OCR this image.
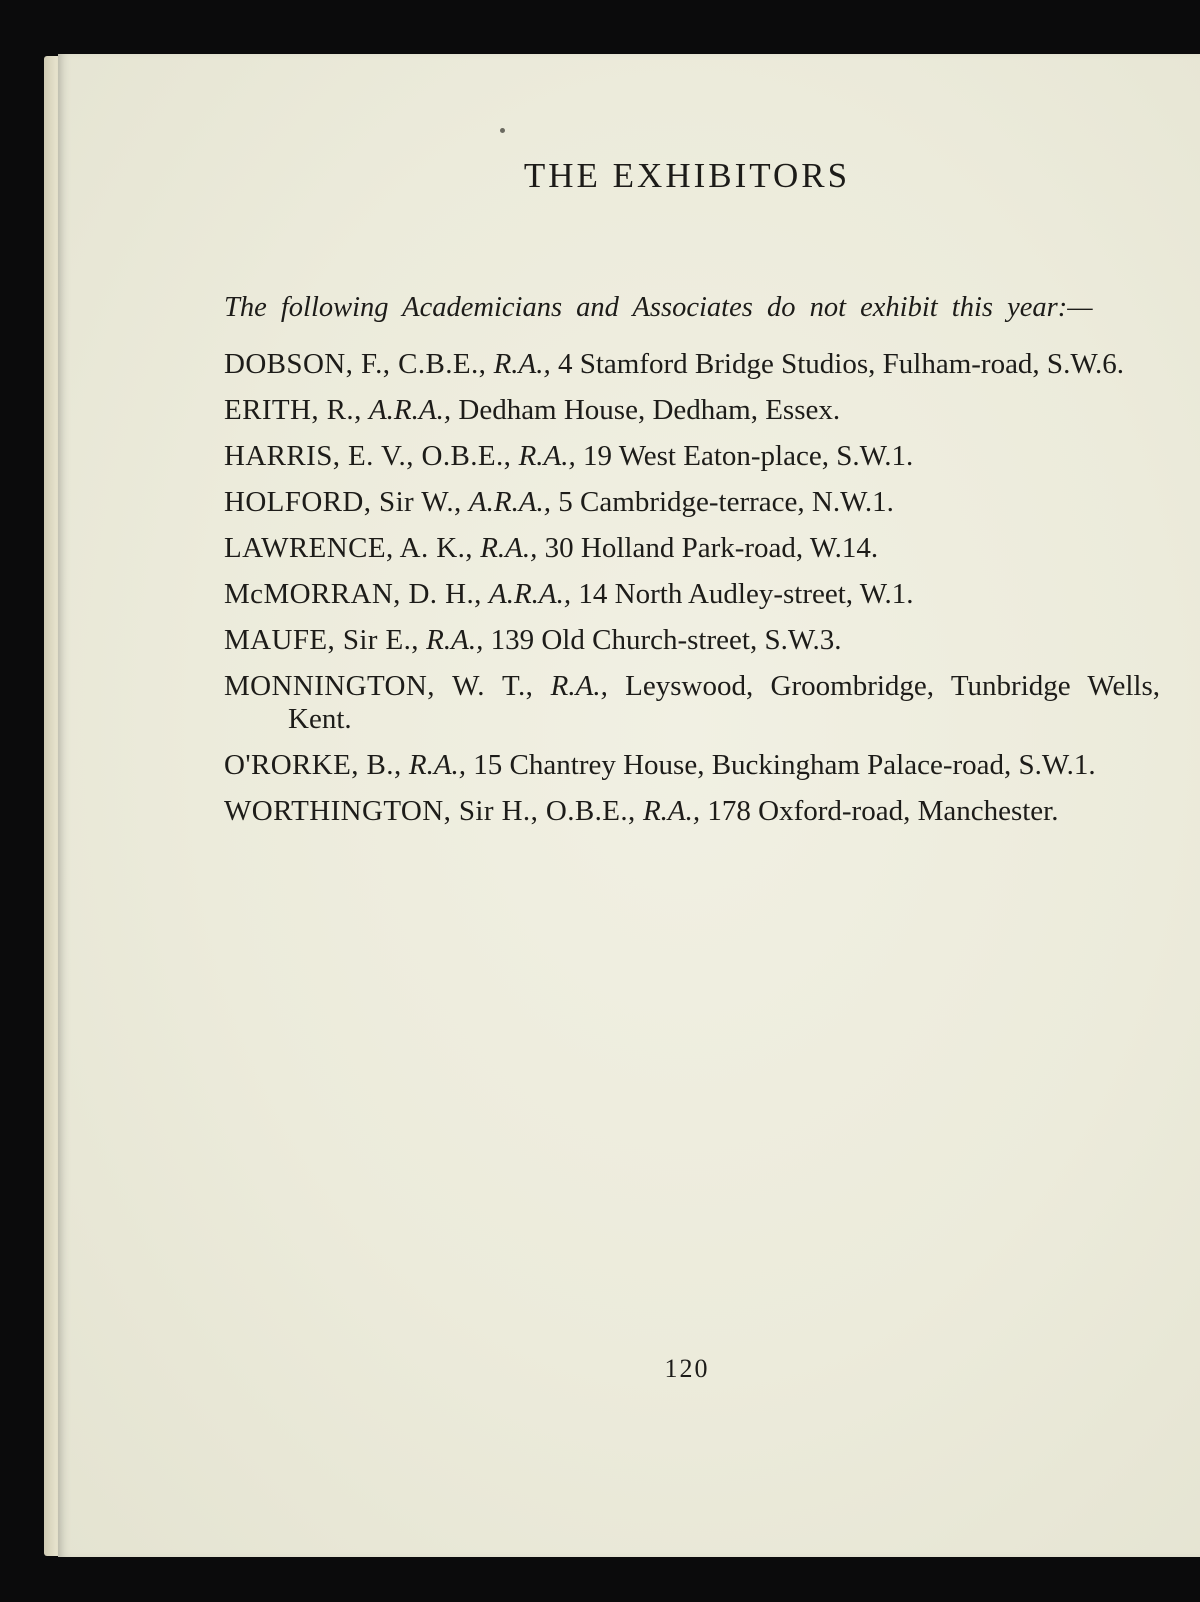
THE EXHIBITORS

The following Academicians and Associates do not exhibit this year:—

DOBSON, F., C.B.E., R.A., 4 Stamford Bridge Studios, Fulham-road, S.W.6.

ERITH, R., A.R.A., Dedham House, Dedham, Essex.

HARRIS, E. V., O.B.E., R.A., 19 West Eaton-place, S.W.1.

HOLFORD, Sir W., A.R.A., 5 Cambridge-terrace, N.W.1.

LAWRENCE, A. K., R.A., 30 Holland Park-road, W.14.

McMORRAN, D. H., A.R.A., 14 North Audley-street, W.1.

MAUFE, Sir E., R.A., 139 Old Church-street, S.W.3.

MONNINGTON, W. T., R.A., Leyswood, Groombridge, Tunbridge Wells, Kent.

O'RORKE, B., R.A., 15 Chantrey House, Buckingham Palace-road, S.W.1.

WORTHINGTON, Sir H., O.B.E., R.A., 178 Oxford-road, Manchester.

120
